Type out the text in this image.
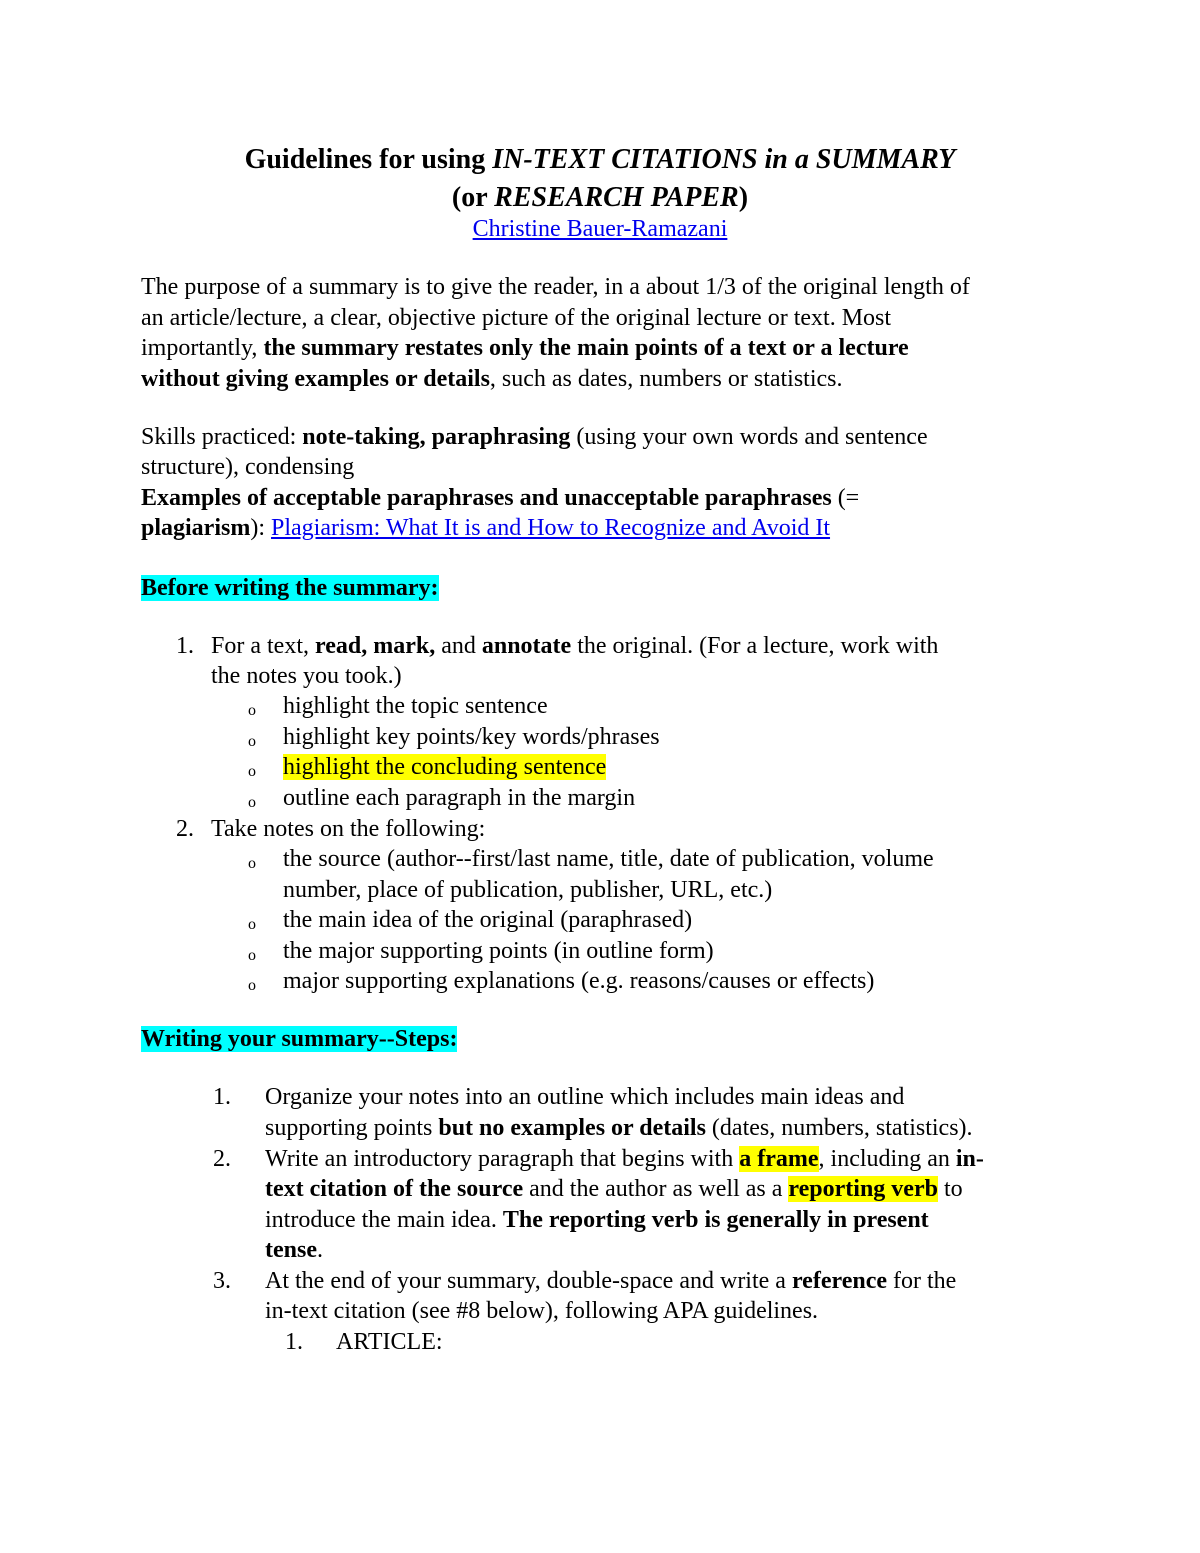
Guidelines for using IN-TEXT CITATIONS in a SUMMARY
(or RESEARCH PAPER)
Christine Bauer-Ramazani
The purpose of a summary is to give the reader, in a about 1/3 of the original length of
an article/lecture, a clear, objective picture of the original lecture or text. Most
importantly, the summary restates only the main points of a text or a lecture
without giving examples or details, such as dates, numbers or statistics.
Skills practiced: note-taking, paraphrasing (using your own words and sentence
structure), condensing
Examples of acceptable paraphrases and unacceptable paraphrases (=
plagiarism): Plagiarism: What It is and How to Recognize and Avoid It
Before writing the summary:
1. For a text, read, mark, and annotate the original. (For a lecture, work with
the notes you took.)
o highlight the topic sentence
o highlight key points/key words/phrases
o highlight the concluding sentence
o outline each paragraph in the margin
2. Take notes on the following:
o the source (author--first/last name, title, date of publication, volume
number, place of publication, publisher, URL, etc.)
o the main idea of the original (paraphrased)
o the major supporting points (in outline form)
o major supporting explanations (e.g. reasons/causes or effects)
Writing your summary--Steps:
1. Organize your notes into an outline which includes main ideas and
supporting points but no examples or details (dates, numbers, statistics).
2. Write an introductory paragraph that begins with a frame, including an in-
text citation of the source and the author as well as a reporting verb to
introduce the main idea. The reporting verb is generally in present
tense.
3. At the end of your summary, double-space and write a reference for the
in-text citation (see #8 below), following APA guidelines.
1. ARTICLE:
